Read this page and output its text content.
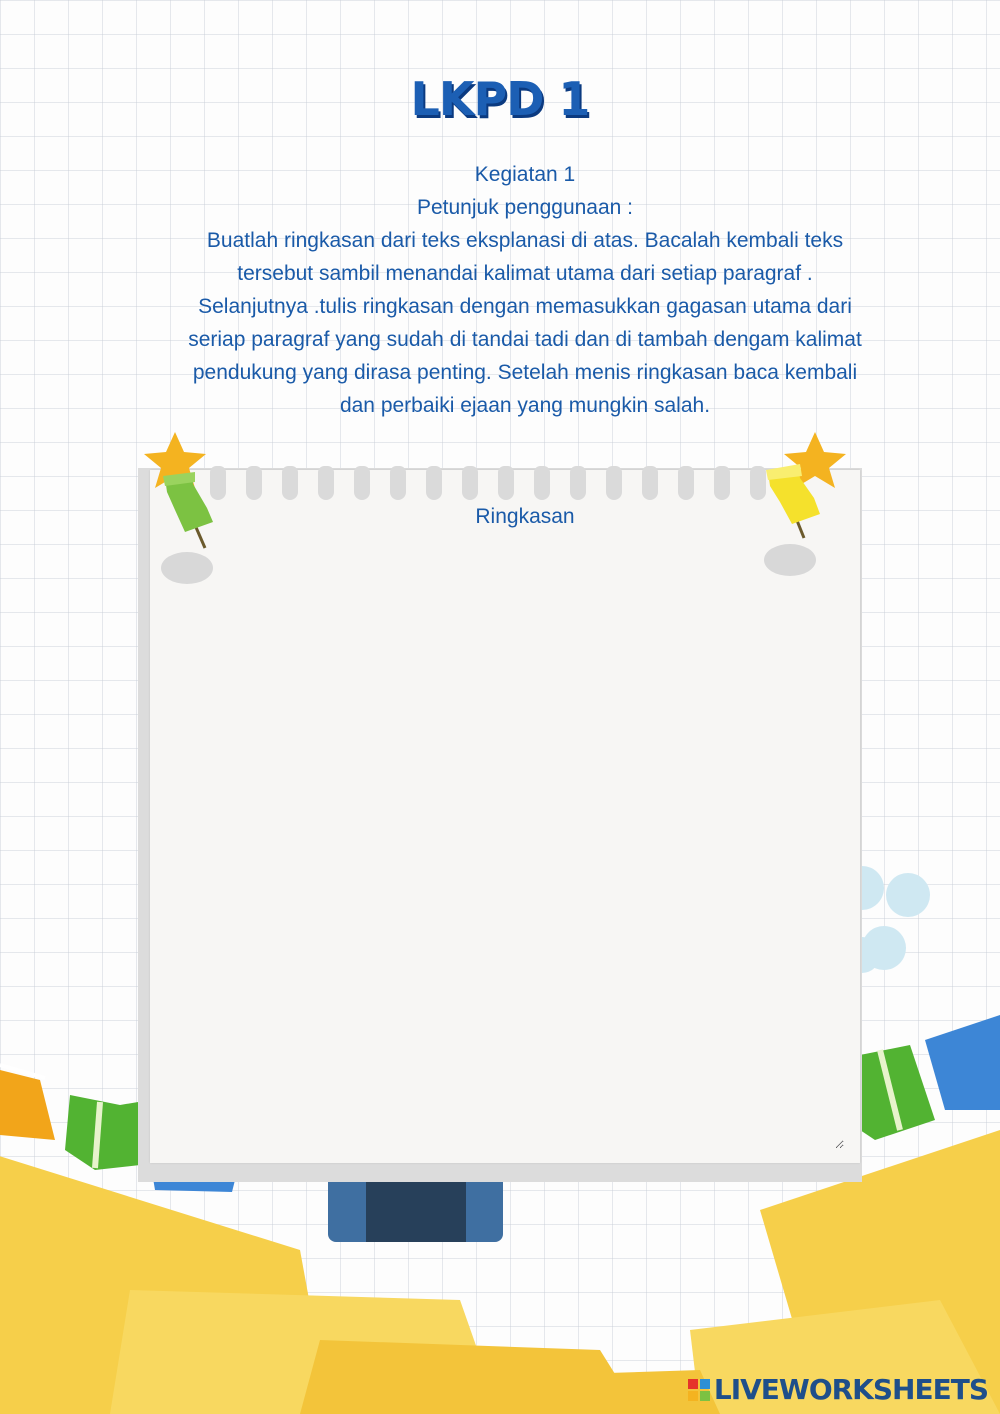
LKPD 1
Kegiatan 1
Petunjuk penggunaan :
Buatlah ringkasan dari teks eksplanasi di atas. Bacalah kembali teks
tersebut sambil menandai kalimat utama dari setiap paragraf .
Selanjutnya .tulis ringkasan dengan memasukkan gagasan utama dari
seriap paragraf yang sudah di tandai tadi dan di tambah dengam kalimat
pendukung yang dirasa penting. Setelah menis ringkasan baca kembali
dan perbaiki ejaan yang mungkin salah.
Ringkasan
LIVEWORKSHEETS
